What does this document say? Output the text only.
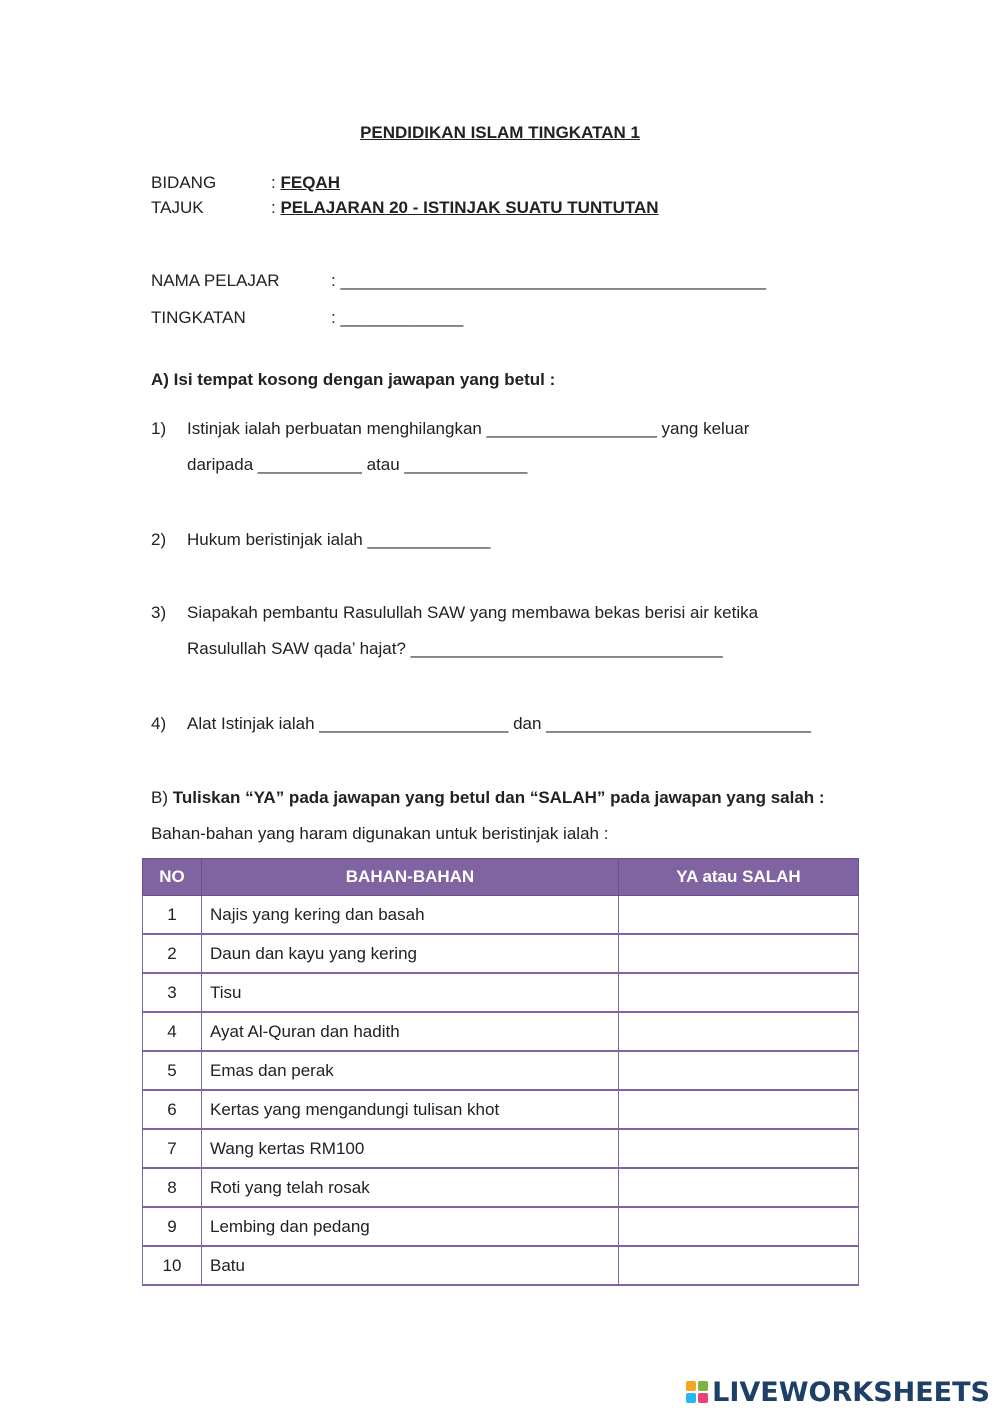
PENDIDIKAN ISLAM TINGKATAN 1
BIDANG	: FEQAH
TAJUK	: PELAJARAN 20 - ISTINJAK SUATU TUNTUTAN
NAMA PELAJAR	: _____________________________________________
TINGKATAN	: _____________
A) Isi tempat kosong dengan jawapan yang betul :
1) Istinjak ialah perbuatan menghilangkan __________________ yang keluar
daripada ___________ atau _____________
2) Hukum beristinjak ialah _____________
3) Siapakah pembantu Rasulullah SAW yang membawa bekas berisi air ketika
Rasulullah SAW qada’ hajat? _________________________________
4) Alat Istinjak ialah ____________________ dan ____________________________
B) Tuliskan “YA” pada jawapan yang betul dan “SALAH” pada jawapan yang salah :
Bahan-bahan yang haram digunakan untuk beristinjak ialah :
NO	BAHAN-BAHAN	YA atau SALAH
1	Najis yang kering dan basah	
2	Daun dan kayu yang kering	
3	Tisu	
4	Ayat Al-Quran dan hadith	
5	Emas dan perak	
6	Kertas yang mengandungi tulisan khot	
7	Wang kertas RM100	
8	Roti yang telah rosak	
9	Lembing dan pedang	
10	Batu	
LIVEWORKSHEETS
